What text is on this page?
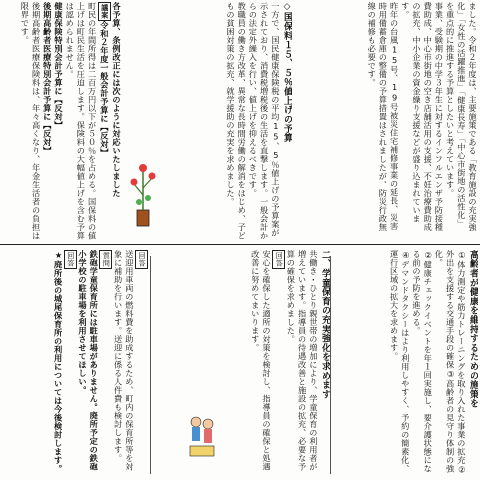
ました。令和２年度は、主要施策である「教育施設の充実強化」「女性の活躍推進」「健康長寿」「中心市街地の活性化」を重点的に推進する予算としたいと考えています。

事業、受験期の中学３年生に対するインフルエンザ予防接種費助成、中心市街地の空き店舗活用の支援、不妊治療費助成の拡充、中小企業の資金繰り支援などが盛り込まれています。

昨年の台風15号、19号被災住宅補修事業の延長、災害時用備蓄倉庫の整備の予算措置はされましたが、防災行政無線の補修も必要です。

◇国保料１５、５％値上げの予算

一方で、国民健康保険税の平均15、5％値上げの予算案が示されており、消費税増税後の生活を直撃します。一般会計からの法定外繰入を行い、値上げを抑えるべきです。

教職員の働き方改革、異常な長時間労働の解消をはじめ、子どもの貧困対策の拡充、就学援助の充実を求めました。

各予算、条例改正には次のように対応いたしました

議案令和２年度一般会計予算に【反対】

町民の年間所得は二百万円以下が５０％を占める。国保料の値上げは町民生活を圧迫します。保険料の大幅値上げを含む予算は認められません。

健康保険特別会計予算に【反対】

後期高齢者医療特別会計予算に【反対】

後期高齢者医療保険料は、年々高くなり、年金生活者の負担は限界です。

高齢者が健康を維持するための施策を

①体力測定や筋力トレーニングを取り入れた事業の拡充②外出を支援する交通手段の確保③高齢者の見守り体制の強化。

②健康チェックイベントを年１回実施し、要介護状態になる前の予防を進める。

④デマンドタクシーはより利用しやすく、予約の簡素化、運行区域の拡大を求めます。

二、学童保育の充実強化を求めます

共働き・ひとり親世帯の増加により、学童保育の利用者が増えています。指導員の待遇改善と施設の拡充、必要な予算の確保を求めました。

回答

安心を確保した適所の対策を検討し、指導員の確保と処遇改善に努めてまいります。

回答

送迎用車両の燃料費を助成するため、町内の保育所等を対象に補助を行います。送迎に係る人件費も検討します。

質問

鉄砲学童保育所には駐車場がありません。廃所予定の鉄砲小学校の駐車場を利用させてほしい。

回答

★廃所後の城尾保育所の利用については今後検討します。
